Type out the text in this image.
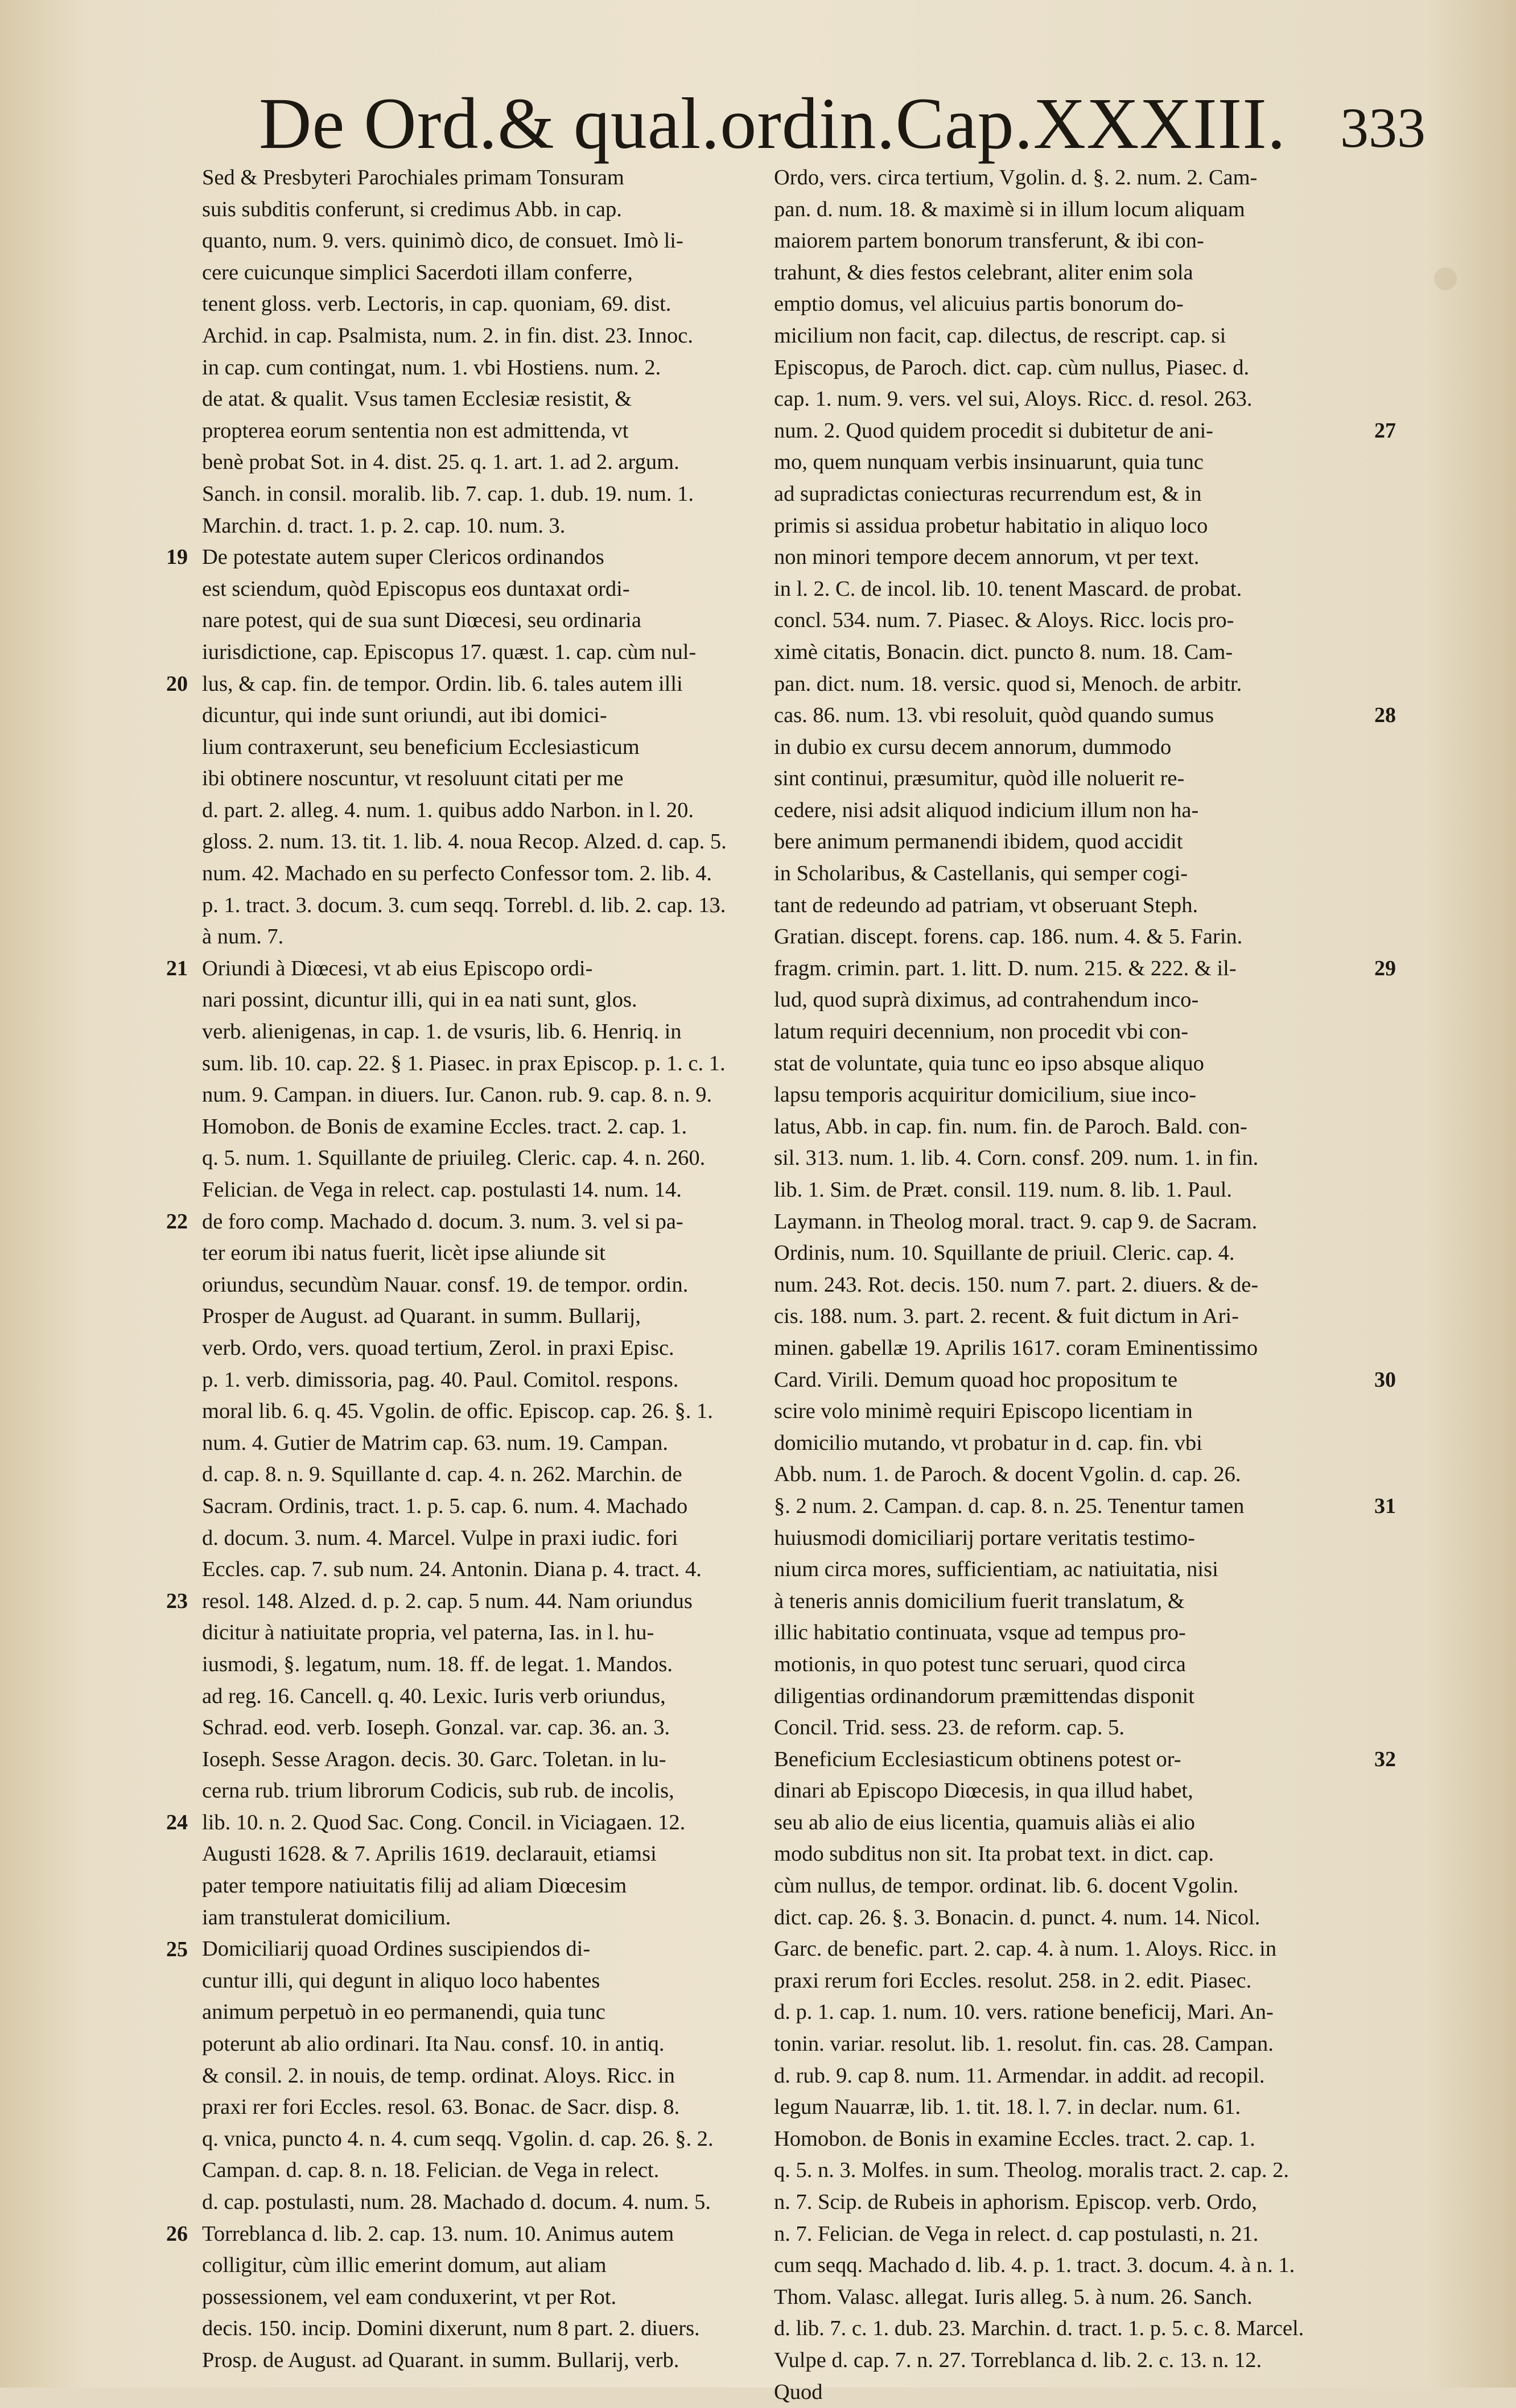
De Ord.& qual.ordin.Cap.XXXIII. 333
Sed & Presbyteri Parochiales primam Tonsuram
suis subditis conferunt, si credimus Abb. in cap.
quanto, num. 9. vers. quinimò dico, de consuet. Imò li-
cere cuicunque simplici Sacerdoti illam conferre,
tenent gloss. verb. Lectoris, in cap. quoniam, 69. dist.
Archid. in cap. Psalmista, num. 2. in fin. dist. 23. Innoc.
in cap. cum contingat, num. 1. vbi Hostiens. num. 2.
de atat. & qualit. Vsus tamen Ecclesiæ resistit, &
propterea eorum sententia non est admittenda, vt
benè probat Sot. in 4. dist. 25. q. 1. art. 1. ad 2. argum.
Sanch. in consil. moralib. lib. 7. cap. 1. dub. 19. num. 1.
Marchin. d. tract. 1. p. 2. cap. 10. num. 3.
De potestate autem super Clericos ordinandos
est sciendum, quòd Episcopus eos duntaxat ordi-
nare potest, qui de sua sunt Diœcesi, seu ordinaria
iurisdictione, cap. Episcopus 17. quæst. 1. cap. cùm nul-
lus, & cap. fin. de tempor. Ordin. lib. 6. tales autem illi
dicuntur, qui inde sunt oriundi, aut ibi domici-
lium contraxerunt, seu beneficium Ecclesiasticum
ibi obtinere noscuntur, vt resoluunt citati per me
d. part. 2. alleg. 4. num. 1. quibus addo Narbon. in l. 20.
gloss. 2. num. 13. tit. 1. lib. 4. noua Recop. Alzed. d. cap. 5.
num. 42. Machado en su perfecto Confessor tom. 2. lib. 4.
p. 1. tract. 3. docum. 3. cum seqq. Torrebl. d. lib. 2. cap. 13.
à num. 7.
Oriundi à Diœcesi, vt ab eius Episcopo ordi-
nari possint, dicuntur illi, qui in ea nati sunt, glos.
verb. alienigenas, in cap. 1. de vsuris, lib. 6. Henriq. in
sum. lib. 10. cap. 22. § 1. Piasec. in prax Episcop. p. 1. c. 1.
num. 9. Campan. in diuers. Iur. Canon. rub. 9. cap. 8. n. 9.
Homobon. de Bonis de examine Eccles. tract. 2. cap. 1.
q. 5. num. 1. Squillante de priuileg. Cleric. cap. 4. n. 260.
Felician. de Vega in relect. cap. postulasti 14. num. 14.
de foro comp. Machado d. docum. 3. num. 3. vel si pa-
ter eorum ibi natus fuerit, licèt ipse aliunde sit
oriundus, secundùm Nauar. consf. 19. de tempor. ordin.
Prosper de August. ad Quarant. in summ. Bullarij,
verb. Ordo, vers. quoad tertium, Zerol. in praxi Episc.
p. 1. verb. dimissoria, pag. 40. Paul. Comitol. respons.
moral lib. 6. q. 45. Vgolin. de offic. Episcop. cap. 26. §. 1.
num. 4. Gutier de Matrim cap. 63. num. 19. Campan.
d. cap. 8. n. 9. Squillante d. cap. 4. n. 262. Marchin. de
Sacram. Ordinis, tract. 1. p. 5. cap. 6. num. 4. Machado
d. docum. 3. num. 4. Marcel. Vulpe in praxi iudic. fori
Eccles. cap. 7. sub num. 24. Antonin. Diana p. 4. tract. 4.
resol. 148. Alzed. d. p. 2. cap. 5 num. 44. Nam oriundus
dicitur à natiuitate propria, vel paterna, Ias. in l. hu-
iusmodi, §. legatum, num. 18. ff. de legat. 1. Mandos.
ad reg. 16. Cancell. q. 40. Lexic. Iuris verb oriundus,
Schrad. eod. verb. Ioseph. Gonzal. var. cap. 36. an. 3.
Ioseph. Sesse Aragon. decis. 30. Garc. Toletan. in lu-
cerna rub. trium librorum Codicis, sub rub. de incolis,
lib. 10. n. 2. Quod Sac. Cong. Concil. in Viciagaen. 12.
Augusti 1628. & 7. Aprilis 1619. declarauit, etiamsi
pater tempore natiuitatis filij ad aliam Diœcesim
iam transtulerat domicilium.
Domiciliarij quoad Ordines suscipiendos di-
cuntur illi, qui degunt in aliquo loco habentes
animum perpetuò in eo permanendi, quia tunc
poterunt ab alio ordinari. Ita Nau. consf. 10. in antiq.
& consil. 2. in nouis, de temp. ordinat. Aloys. Ricc. in
praxi rer fori Eccles. resol. 63. Bonac. de Sacr. disp. 8.
q. vnica, puncto 4. n. 4. cum seqq. Vgolin. d. cap. 26. §. 2.
Campan. d. cap. 8. n. 18. Felician. de Vega in relect.
d. cap. postulasti, num. 28. Machado d. docum. 4. num. 5.
Torreblanca d. lib. 2. cap. 13. num. 10. Animus autem
colligitur, cùm illic emerint domum, aut aliam
possessionem, vel eam conduxerint, vt per Rot.
decis. 150. incip. Domini dixerunt, num 8 part. 2. diuers.
Prosp. de August. ad Quarant. in summ. Bullarij, verb.
Ordo, vers. circa tertium, Vgolin. d. §. 2. num. 2. Cam-
pan. d. num. 18. & maximè si in illum locum aliquam
maiorem partem bonorum transferunt, & ibi con-
trahunt, & dies festos celebrant, aliter enim sola
emptio domus, vel alicuius partis bonorum do-
micilium non facit, cap. dilectus, de rescript. cap. si
Episcopus, de Paroch. dict. cap. cùm nullus, Piasec. d.
cap. 1. num. 9. vers. vel sui, Aloys. Ricc. d. resol. 263.
num. 2. Quod quidem procedit si dubitetur de ani-
mo, quem nunquam verbis insinuarunt, quia tunc
ad supradictas coniecturas recurrendum est, & in
primis si assidua probetur habitatio in aliquo loco
non minori tempore decem annorum, vt per text.
in l. 2. C. de incol. lib. 10. tenent Mascard. de probat.
concl. 534. num. 7. Piasec. & Aloys. Ricc. locis pro-
ximè citatis, Bonacin. dict. puncto 8. num. 18. Cam-
pan. dict. num. 18. versic. quod si, Menoch. de arbitr.
cas. 86. num. 13. vbi resoluit, quòd quando sumus
in dubio ex cursu decem annorum, dummodo
sint continui, præsumitur, quòd ille noluerit re-
cedere, nisi adsit aliquod indicium illum non ha-
bere animum permanendi ibidem, quod accidit
in Scholaribus, & Castellanis, qui semper cogi-
tant de redeundo ad patriam, vt obseruant Steph.
Gratian. discept. forens. cap. 186. num. 4. & 5. Farin.
fragm. crimin. part. 1. litt. D. num. 215. & 222. & il-
lud, quod suprà diximus, ad contrahendum inco-
latum requiri decennium, non procedit vbi con-
stat de voluntate, quia tunc eo ipso absque aliquo
lapsu temporis acquiritur domicilium, siue inco-
latus, Abb. in cap. fin. num. fin. de Paroch. Bald. con-
sil. 313. num. 1. lib. 4. Corn. consf. 209. num. 1. in fin.
lib. 1. Sim. de Præt. consil. 119. num. 8. lib. 1. Paul.
Laymann. in Theolog moral. tract. 9. cap 9. de Sacram.
Ordinis, num. 10. Squillante de priuil. Cleric. cap. 4.
num. 243. Rot. decis. 150. num 7. part. 2. diuers. & de-
cis. 188. num. 3. part. 2. recent. & fuit dictum in Ari-
minen. gabellæ 19. Aprilis 1617. coram Eminentissimo
Card. Virili. Demum quoad hoc propositum te
scire volo minimè requiri Episcopo licentiam in
domicilio mutando, vt probatur in d. cap. fin. vbi
Abb. num. 1. de Paroch. & docent Vgolin. d. cap. 26.
§. 2 num. 2. Campan. d. cap. 8. n. 25. Tenentur tamen
huiusmodi domiciliarij portare veritatis testimo-
nium circa mores, sufficientiam, ac natiuitatia, nisi
à teneris annis domicilium fuerit translatum, &
illic habitatio continuata, vsque ad tempus pro-
motionis, in quo potest tunc seruari, quod circa
diligentias ordinandorum præmittendas disponit
Concil. Trid. sess. 23. de reform. cap. 5.
Beneficium Ecclesiasticum obtinens potest or-
dinari ab Episcopo Diœcesis, in qua illud habet,
seu ab alio de eius licentia, quamuis aliàs ei alio
modo subditus non sit. Ita probat text. in dict. cap.
cùm nullus, de tempor. ordinat. lib. 6. docent Vgolin.
dict. cap. 26. §. 3. Bonacin. d. punct. 4. num. 14. Nicol.
Garc. de benefic. part. 2. cap. 4. à num. 1. Aloys. Ricc. in
praxi rerum fori Eccles. resolut. 258. in 2. edit. Piasec.
d. p. 1. cap. 1. num. 10. vers. ratione beneficij, Mari. An-
tonin. variar. resolut. lib. 1. resolut. fin. cas. 28. Campan.
d. rub. 9. cap 8. num. 11. Armendar. in addit. ad recopil.
legum Nauarræ, lib. 1. tit. 18. l. 7. in declar. num. 61.
Homobon. de Bonis in examine Eccles. tract. 2. cap. 1.
q. 5. n. 3. Molfes. in sum. Theolog. moralis tract. 2. cap. 2.
n. 7. Scip. de Rubeis in aphorism. Episcop. verb. Ordo,
n. 7. Felician. de Vega in relect. d. cap postulasti, n. 21.
cum seqq. Machado d. lib. 4. p. 1. tract. 3. docum. 4. à n. 1.
Thom. Valasc. allegat. Iuris alleg. 5. à num. 26. Sanch.
d. lib. 7. c. 1. dub. 23. Marchin. d. tract. 1. p. 5. c. 8. Marcel.
Vulpe d. cap. 7. n. 27. Torreblanca d. lib. 2. c. 13. n. 12.
Quod
19
20
21
22
23
24
25
26
27
28
29
30
31
32
